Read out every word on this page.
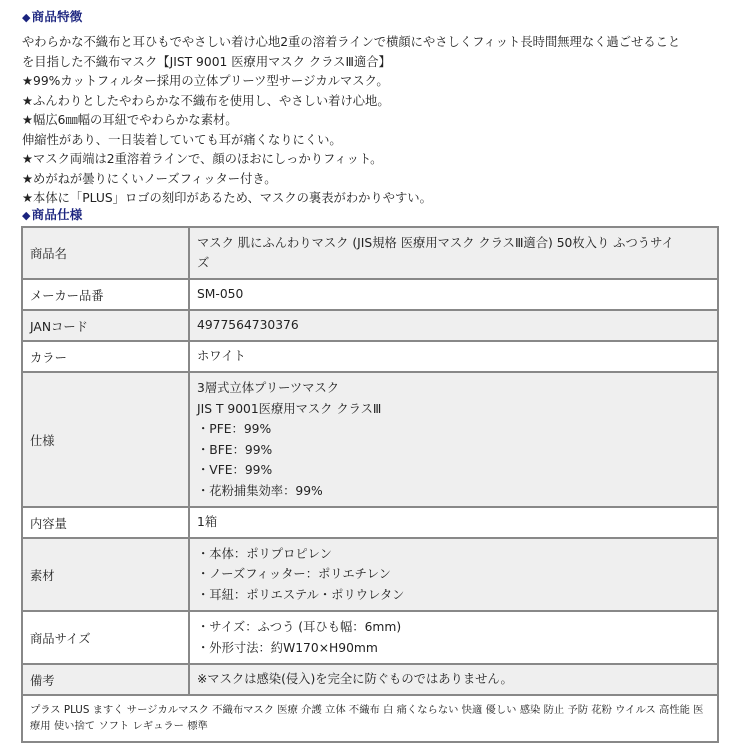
◆商品特徴
やわらかな不織布と耳ひもでやさしい着け心地2重の溶着ラインで横顔にやさしくフィット長時間無理なく過ごせること
を目指した不織布マスク【JIST 9001 医療用マスク クラスⅢ適合】
★99%カットフィルター採用の立体プリーツ型サージカルマスク。
★ふんわりとしたやわらかな不織布を使用し、やさしい着け心地。
★幅広6㎜幅の耳紐でやわらかな素材。
伸縮性があり、一日装着していても耳が痛くなりにくい。
★マスク両端は2重溶着ラインで、顔のほおにしっかりフィット。
★めがねが曇りにくいノーズフィッター付き。
★本体に「PLUS」ロゴの刻印があるため、マスクの裏表がわかりやすい。
◆商品仕様
商品名	マスク 肌にふんわりマスク (JIS規格 医療用マスク クラスⅢ適合) 50枚入り ふつうサイ
ズ

メーカー品番	SM-050

JANコード	4977564730376

カラー	ホワイト

仕様	
3層式立体プリーツマスク
JIS T 9001医療用マスク クラスⅢ
・PFE：99%
・BFE：99%
・VFE：99%
・花粉捕集効率：99%

内容量	1箱

素材	・本体：ポリプロピレン
・ノーズフィッター：ポリエチレン
・耳紐：ポリエステル・ポリウレタン

商品サイズ	・サイズ：ふつう (耳ひも幅：6mm)
・外形寸法：約W170×H90mm

備考	※マスクは感染(侵入)を完全に防ぐものではありません。

プラス PLUS ますく サージカルマスク 不織布マスク 医療 介護 立体 不織布 白 痛くならない 快適 優しい 感染 防止 予防 花粉 ウイルス 高性能 医療用 使い捨て ソフト レギュラー 標準	
